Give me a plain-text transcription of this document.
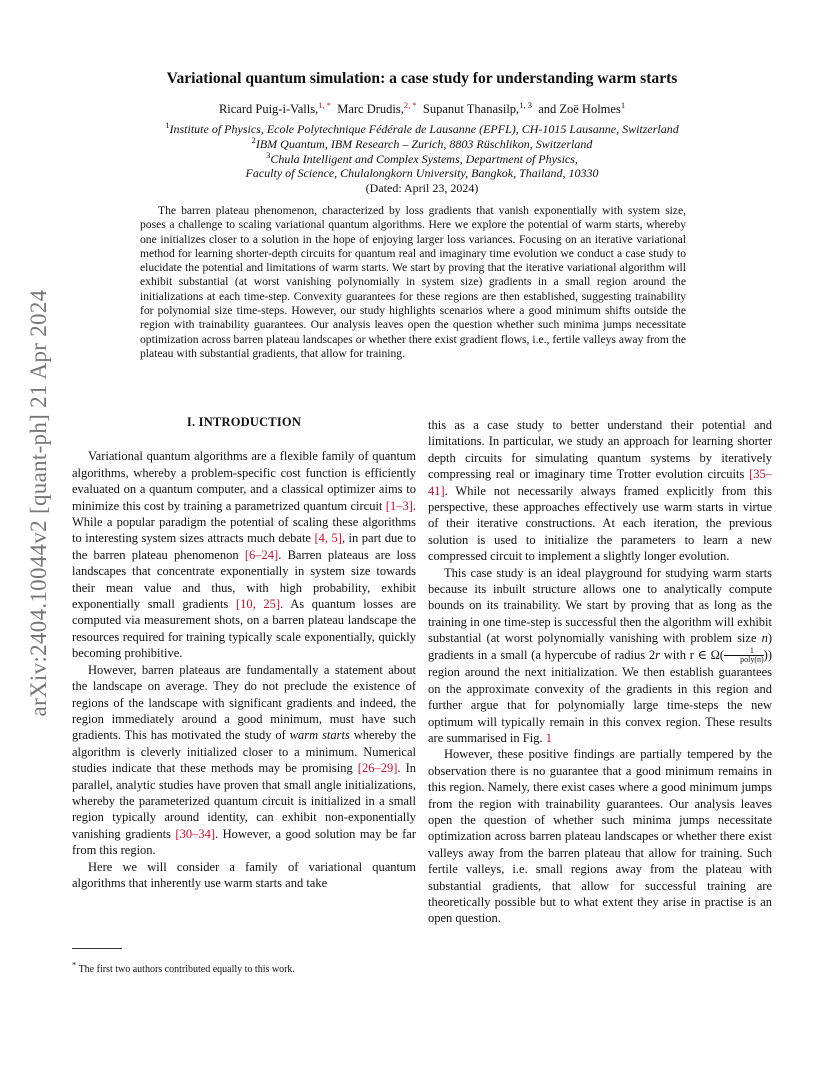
arXiv:2404.10044v2 [quant-ph] 21 Apr 2024
Variational quantum simulation: a case study for understanding warm starts
Ricard Puig-i-Valls,$^{1, *}$ Marc Drudis,$^{2, *}$ Supanut Thanasilp,$^{1, 3}$ and Zoë Holmes$^1$
$^1$Institute of Physics, Ecole Polytechnique Fédérale de Lausanne (EPFL), CH-1015 Lausanne, Switzerland
$^2$IBM Quantum, IBM Research – Zurich, 8803 Rüschlikon, Switzerland
$^3$Chula Intelligent and Complex Systems, Department of Physics,
Faculty of Science, Chulalongkorn University, Bangkok, Thailand, 10330
(Dated: April 23, 2024)

The barren plateau phenomenon, characterized by loss gradients that vanish exponentially with system size, poses a challenge to scaling variational quantum algorithms. Here we explore the potential of warm starts, whereby one initializes closer to a solution in the hope of enjoying larger loss variances. Focusing on an iterative variational method for learning shorter-depth circuits for quantum real and imaginary time evolution we conduct a case study to elucidate the potential and limitations of warm starts. We start by proving that the iterative variational algorithm will exhibit substantial (at worst vanishing polynomially in system size) gradients in a small region around the initializations at each time-step. Convexity guarantees for these regions are then established, suggesting trainability for polynomial size time-steps. However, our study highlights scenarios where a good minimum shifts outside the region with trainability guarantees. Our analysis leaves open the question whether such minima jumps necessitate optimization across barren plateau landscapes or whether there exist gradient flows, i.e., fertile valleys away from the plateau with substantial gradients, that allow for training.

I. INTRODUCTION

Variational quantum algorithms are a flexible family of quantum algorithms, whereby a problem-specific cost function is efficiently evaluated on a quantum computer, and a classical optimizer aims to minimize this cost by training a parametrized quantum circuit [1–3]. While a popular paradigm the potential of scaling these algorithms to interesting system sizes attracts much debate [4, 5], in part due to the barren plateau phenomenon [6–24]. Barren plateaus are loss landscapes that concentrate exponentially in system size towards their mean value and thus, with high probability, exhibit exponentially small gradients [10, 25]. As quantum losses are computed via measurement shots, on a barren plateau landscape the resources required for training typically scale exponentially, quickly becoming prohibitive.

However, barren plateaus are fundamentally a statement about the landscape on average. They do not preclude the existence of regions of the landscape with significant gradients and indeed, the region immediately around a good minimum, must have such gradients. This has motivated the study of warm starts whereby the algorithm is cleverly initialized closer to a minimum. Numerical studies indicate that these methods may be promising [26–29]. In parallel, analytic studies have proven that small angle initializations, whereby the parameterized quantum circuit is initialized in a small region typically around identity, can exhibit non-exponentially vanishing gradients [30–34]. However, a good solution may be far from this region.

Here we will consider a family of variational quantum algorithms that inherently use warm starts and take

this as a case study to better understand their potential and limitations. In particular, we study an approach for learning shorter depth circuits for simulating quantum systems by iteratively compressing real or imaginary time Trotter evolution circuits [35–41]. While not necessarily always framed explicitly from this perspective, these approaches effectively use warm starts in virtue of their iterative constructions. At each iteration, the previous solution is used to initialize the parameters to learn a new compressed circuit to implement a slightly longer evolution.

This case study is an ideal playground for studying warm starts because its inbuilt structure allows one to analytically compute bounds on its trainability. We start by proving that as long as the training in one time-step is successful then the algorithm will exhibit substantial (at worst polynomially vanishing with problem size n) gradients in a small (a hypercube of radius 2r with r ∈ $\Omega( \frac{1}{\text{poly(n)}}$ )) region around the next initialization. We then establish guarantees on the approximate convexity of the gradients in this region and further argue that for polynomially large time-steps the new optimum will typically remain in this convex region. These results are summarised in Fig. 1

However, these positive findings are partially tempered by the observation there is no guarantee that a good minimum remains in this region. Namely, there exist cases where a good minimum jumps from the region with trainability guarantees. Our analysis leaves open the question of whether such minima jumps necessitate optimization across barren plateau landscapes or whether there exist valleys away from the barren plateau that allow for training. Such fertile valleys, i.e. small regions away from the plateau with substantial gradients, that allow for successful training are theoretically possible but to what extent they arise in practise is an open question.

* The first two authors contributed equally to this work.
